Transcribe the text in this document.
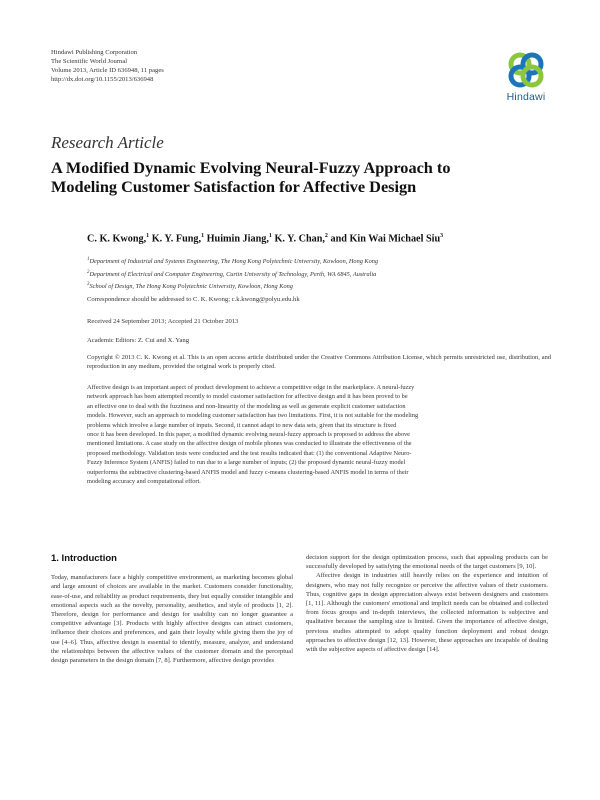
Hindawi Publishing Corporation
The Scientific World Journal
Volume 2013, Article ID 636948, 11 pages
http://dx.doi.org/10.1155/2013/636948
Hindawi
Research Article
A Modified Dynamic Evolving Neural-Fuzzy Approach to
Modeling Customer Satisfaction for Affective Design
C. K. Kwong,$^1$ K. Y. Fung,$^1$ Huimin Jiang,$^1$ K. Y. Chan,$^2$ and Kin Wai Michael Siu$^3$
$^1$Department of Industrial and Systems Engineering, The Hong Kong Polytechnic University, Kowloon, Hong Kong
$^2$Department of Electrical and Computer Engineering, Curtin University of Technology, Perth, WA 6845, Australia
$^3$School of Design, The Hong Kong Polytechnic University, Kowloon, Hong Kong
Correspondence should be addressed to C. K. Kwong; c.k.kwong@polyu.edu.hk
Received 24 September 2013; Accepted 21 October 2013
Academic Editors: Z. Cui and X. Yang
Copyright © 2013 C. K. Kwong et al. This is an open access article distributed under the Creative Commons Attribution License, which permits unrestricted use, distribution, and reproduction in any medium, provided the original work is properly cited.
Affective design is an important aspect of product development to achieve a competitive edge in the marketplace. A neural-fuzzy
network approach has been attempted recently to model customer satisfaction for affective design and it has been proved to be
an effective one to deal with the fuzziness and non-linearity of the modeling as well as generate explicit customer satisfaction
models. However, such an approach to modeling customer satisfaction has two limitations. First, it is not suitable for the modeling
problems which involve a large number of inputs. Second, it cannot adapt to new data sets, given that its structure is fixed
once it has been developed. In this paper, a modified dynamic evolving neural-fuzzy approach is proposed to address the above
mentioned limitations. A case study on the affective design of mobile phones was conducted to illustrate the effectiveness of the
proposed methodology. Validation tests were conducted and the test results indicated that: (1) the conventional Adaptive Neuro-
Fuzzy Inference System (ANFIS) failed to run due to a large number of inputs; (2) the proposed dynamic neural-fuzzy model
outperforms the subtractive clustering-based ANFIS model and fuzzy c-means clustering-based ANFIS model in terms of their
modeling accuracy and computational effort.
1. Introduction

Today, manufacturers face a highly competitive environment, as marketing becomes global and large amount of choices are available in the market. Customers consider functionality, ease-of-use, and reliability as product requirements, they but equally consider intangible and emotional aspects such as the novelty, personality, aesthetics, and style of products [1, 2]. Therefore, design for performance and design for usability can no longer guarantee a competitive advantage [3]. Products with highly affective designs can attract customers, influence their choices and preferences, and gain their loyalty while giving them the joy of use [4–6]. Thus, affective design is essential to identify, measure, analyze, and understand the relationships between the affective values of the customer domain and the perceptual design parameters in the design domain [7, 8]. Furthermore, affective design provides

decision support for the design optimization process, such that appealing products can be successfully developed by satisfying the emotional needs of the target customers [9, 10].

Affective design in industries still heavily relies on the experience and intuition of designers, who may not fully recognize or perceive the affective values of their customers. Thus, cognitive gaps in design appreciation always exist between designers and customers [1, 11]. Although the customers' emotional and implicit needs can be obtained and collected from focus groups and in-depth interviews, the collected information is subjective and qualitative because the sampling size is limited. Given the importance of affective design, previous studies attempted to adopt quality function deployment and robust design approaches to affective design [12, 13]. However, these approaches are incapable of dealing with the subjective aspects of affective design [14].
